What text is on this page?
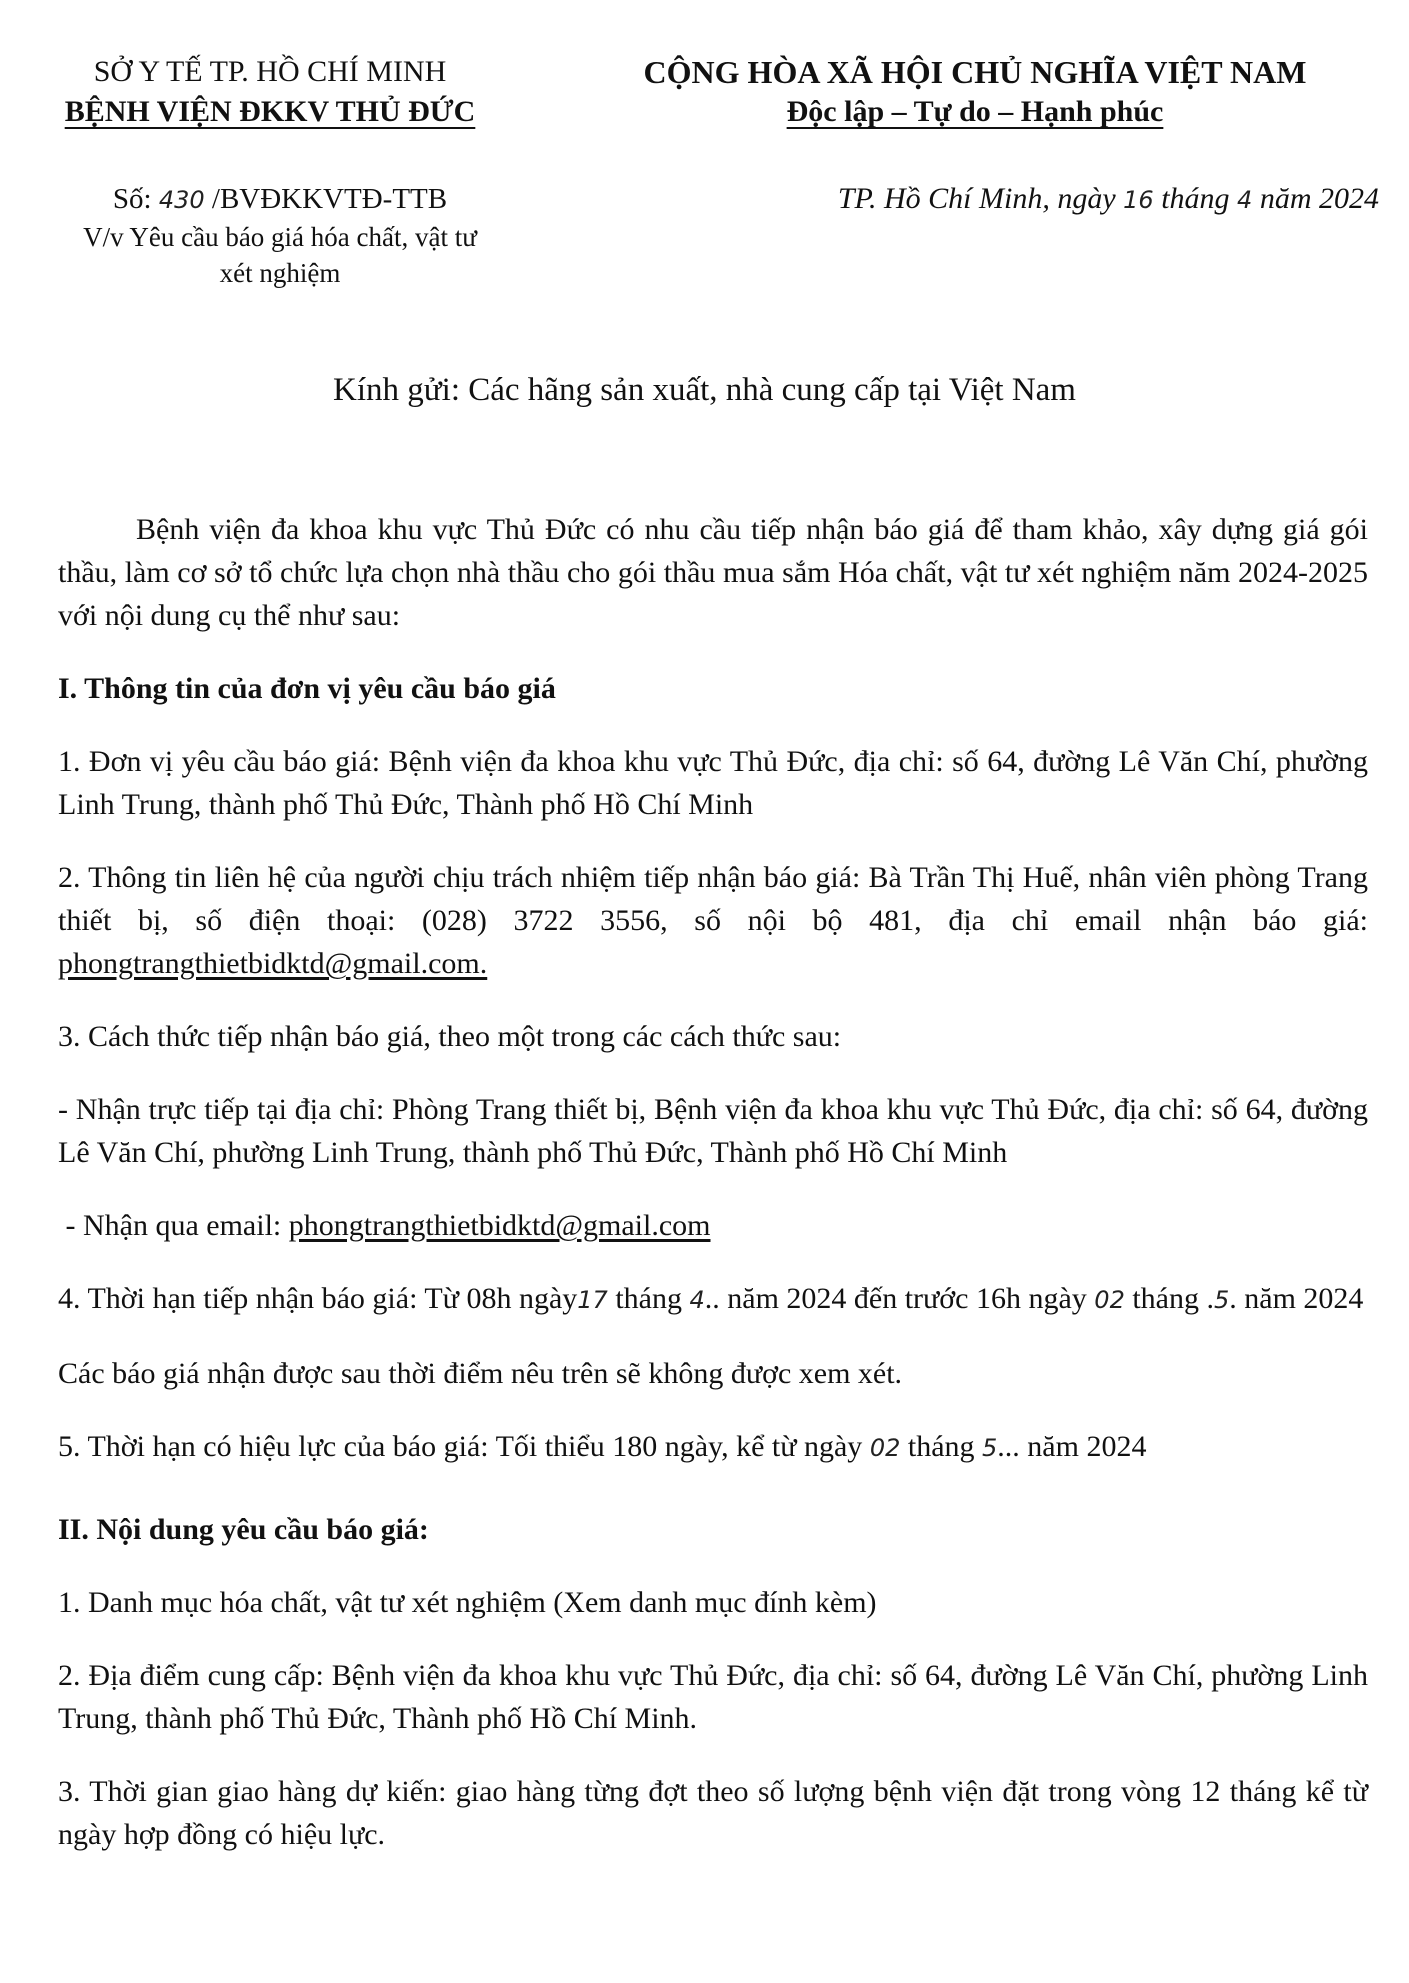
SỞ Y TẾ TP. HỒ CHÍ MINH
BỆNH VIỆN ĐKKV THỦ ĐỨC
CỘNG HÒA XÃ HỘI CHỦ NGHĨA VIỆT NAM
Độc lập – Tự do – Hạnh phúc
Số: 430 /BVĐKKVTĐ-TTB
V/v Yêu cầu báo giá hóa chất, vật tư
xét nghiệm
TP. Hồ Chí Minh, ngày 16 tháng 4 năm 2024
Kính gửi: Các hãng sản xuất, nhà cung cấp tại Việt Nam

Bệnh viện đa khoa khu vực Thủ Đức có nhu cầu tiếp nhận báo giá để tham khảo, xây dựng giá gói thầu, làm cơ sở tổ chức lựa chọn nhà thầu cho gói thầu mua sắm Hóa chất, vật tư xét nghiệm năm 2024-2025 với nội dung cụ thể như sau:

I. Thông tin của đơn vị yêu cầu báo giá

1. Đơn vị yêu cầu báo giá: Bệnh viện đa khoa khu vực Thủ Đức, địa chỉ: số 64, đường Lê Văn Chí, phường Linh Trung, thành phố Thủ Đức, Thành phố Hồ Chí Minh

2. Thông tin liên hệ của người chịu trách nhiệm tiếp nhận báo giá: Bà Trần Thị Huế, nhân viên phòng Trang thiết bị, số điện thoại: (028) 3722 3556, số nội bộ 481, địa chỉ email nhận báo giá: phongtrangthietbidktd@gmail.com.

3. Cách thức tiếp nhận báo giá, theo một trong các cách thức sau:

- Nhận trực tiếp tại địa chỉ: Phòng Trang thiết bị, Bệnh viện đa khoa khu vực Thủ Đức, địa chỉ: số 64, đường Lê Văn Chí, phường Linh Trung, thành phố Thủ Đức, Thành phố Hồ Chí Minh

- Nhận qua email: phongtrangthietbidktd@gmail.com

4. Thời hạn tiếp nhận báo giá: Từ 08h ngày17 tháng 4.. năm 2024 đến trước 16h ngày 02 tháng .5. năm 2024

Các báo giá nhận được sau thời điểm nêu trên sẽ không được xem xét.

5. Thời hạn có hiệu lực của báo giá: Tối thiểu 180 ngày, kể từ ngày 02 tháng 5... năm 2024

II. Nội dung yêu cầu báo giá:

1. Danh mục hóa chất, vật tư xét nghiệm (Xem danh mục đính kèm)

2. Địa điểm cung cấp: Bệnh viện đa khoa khu vực Thủ Đức, địa chỉ: số 64, đường Lê Văn Chí, phường Linh Trung, thành phố Thủ Đức, Thành phố Hồ Chí Minh.

3. Thời gian giao hàng dự kiến: giao hàng từng đợt theo số lượng bệnh viện đặt trong vòng 12 tháng kể từ ngày hợp đồng có hiệu lực.
